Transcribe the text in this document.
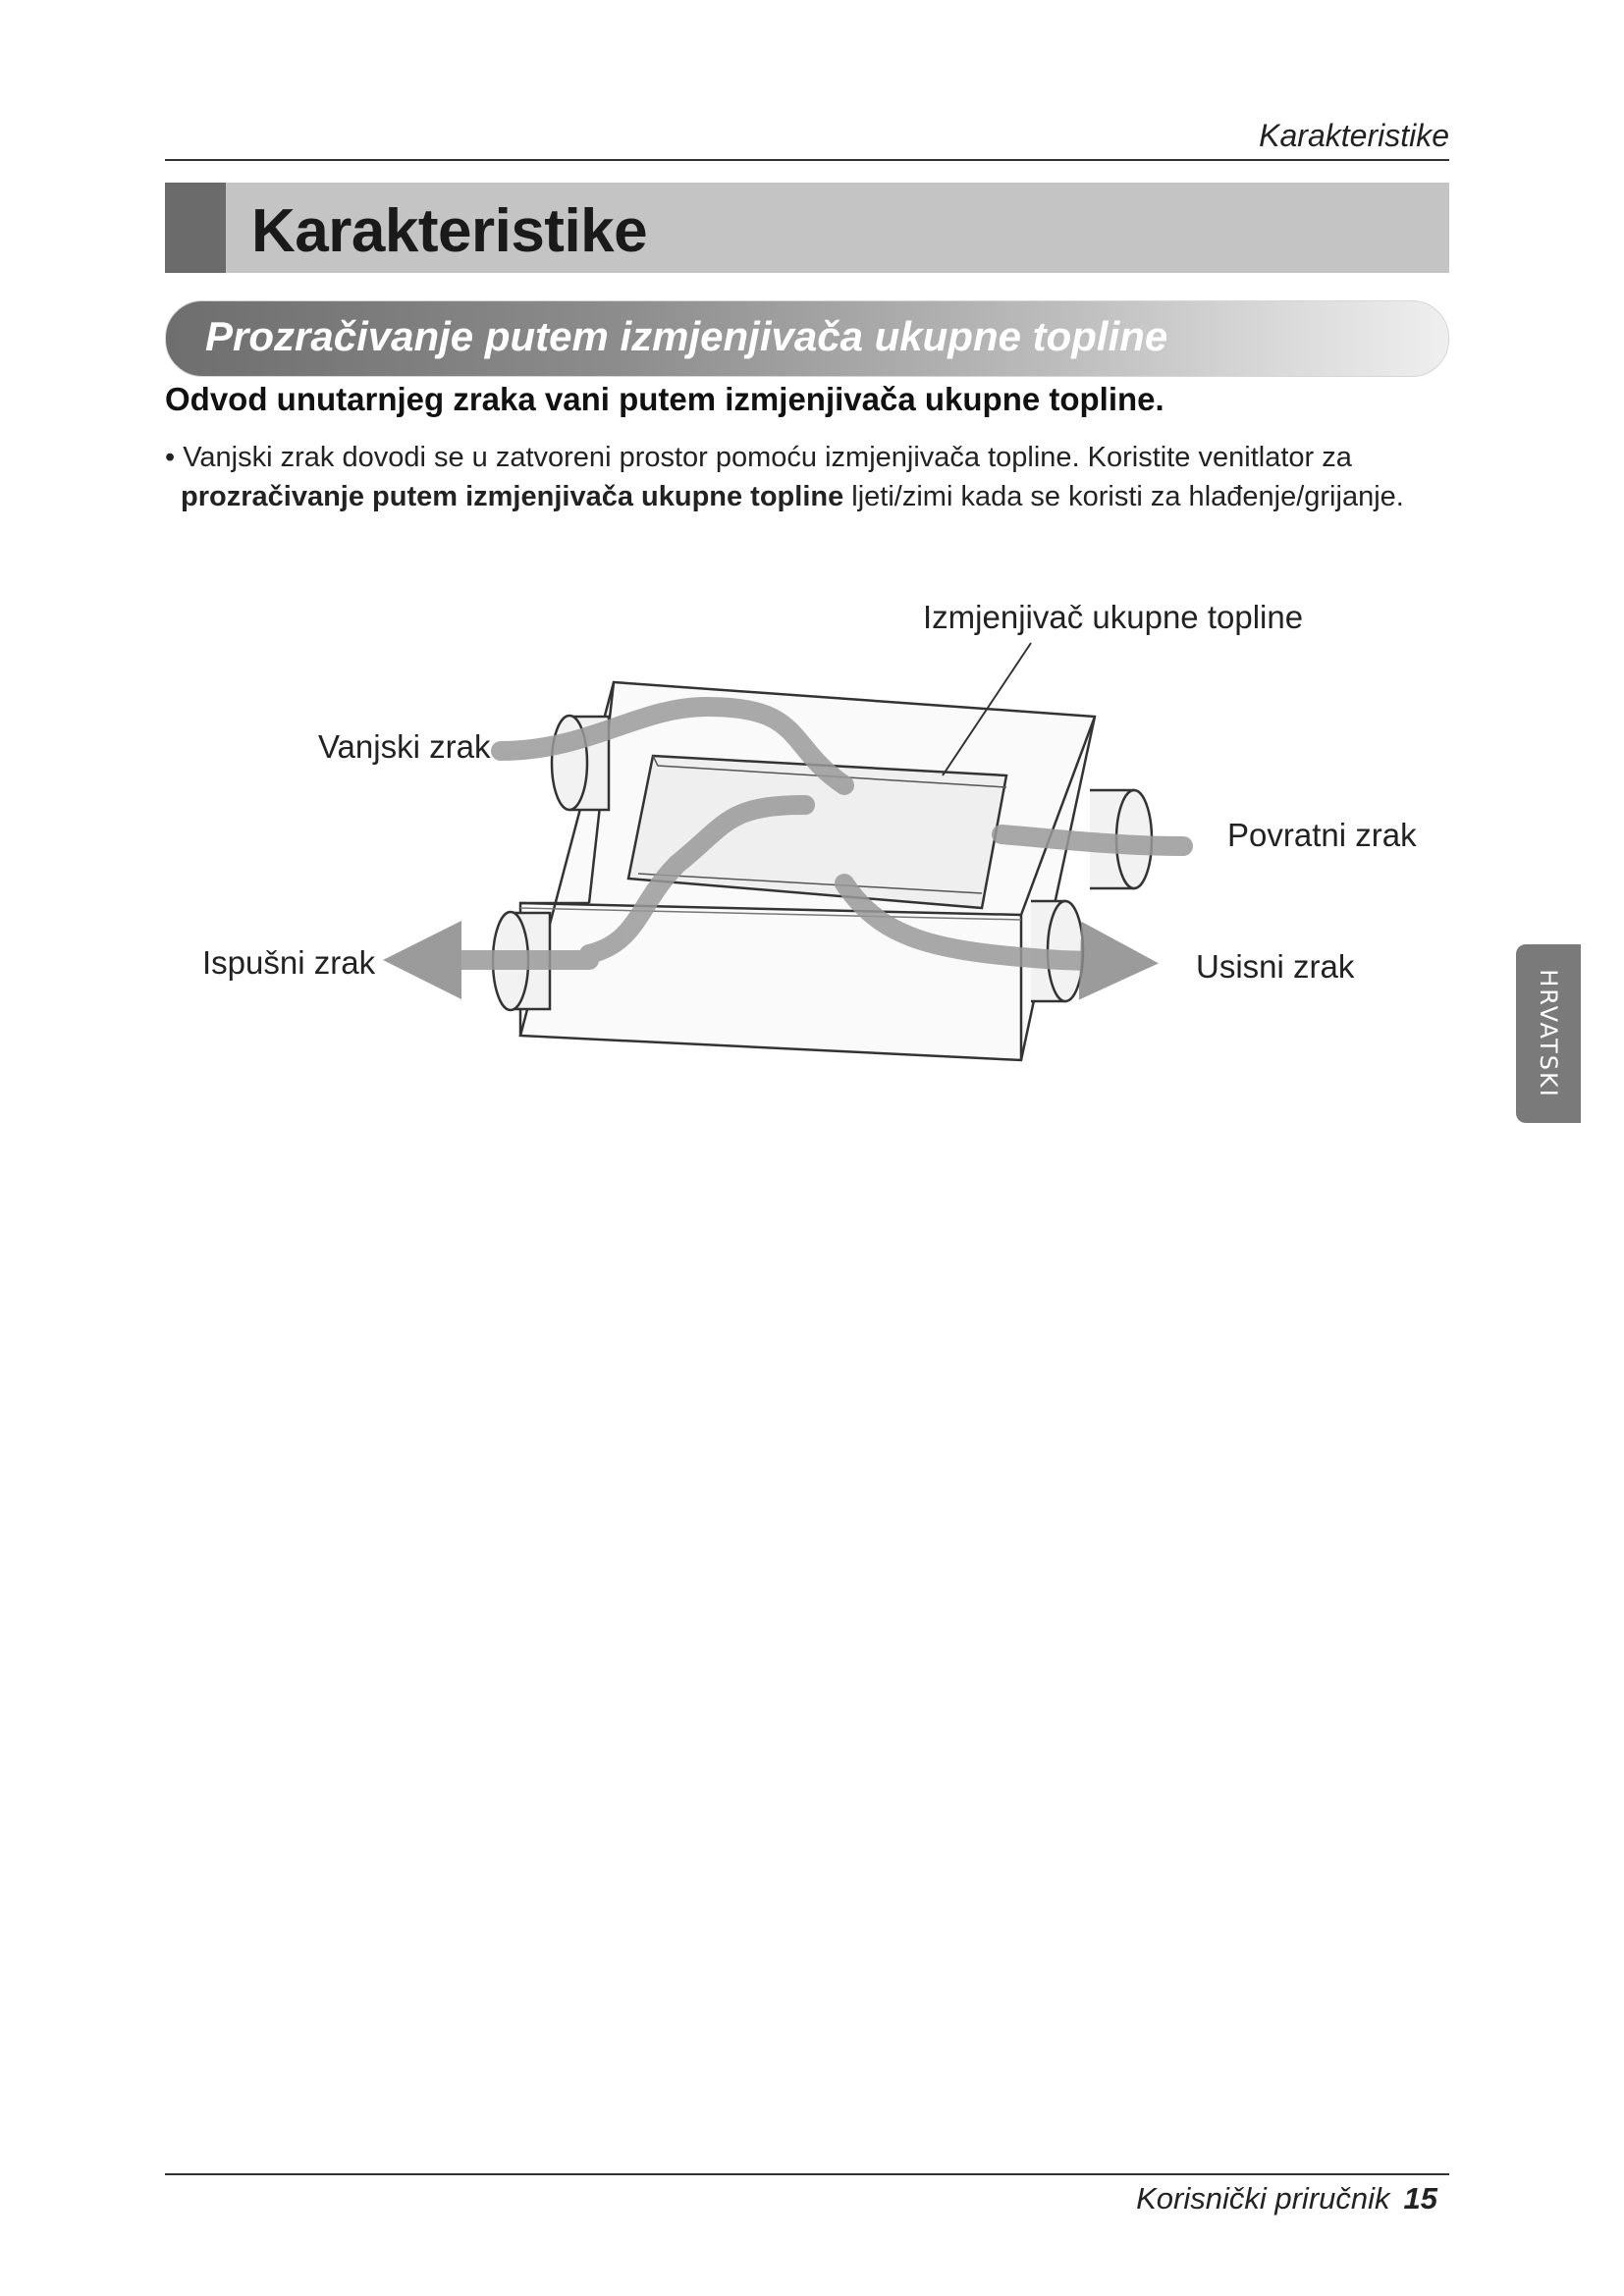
Karakteristike
Karakteristike
Prozračivanje putem izmjenjivača ukupne topline
Odvod unutarnjeg zraka vani putem izmjenjivača ukupne topline.
• Vanjski zrak dovodi se u zatvoreni prostor pomoću izmjenjivača topline. Koristite venitlator za
prozračivanje putem izmjenjivača ukupne topline ljeti/zimi kada se koristi za hlađenje/grijanje.
Izmjenjivač ukupne topline
Vanjski zrak
Povratni zrak
Ispušni zrak	Usisni zrak
HRVATSKI
Korisnički priručnik 15
